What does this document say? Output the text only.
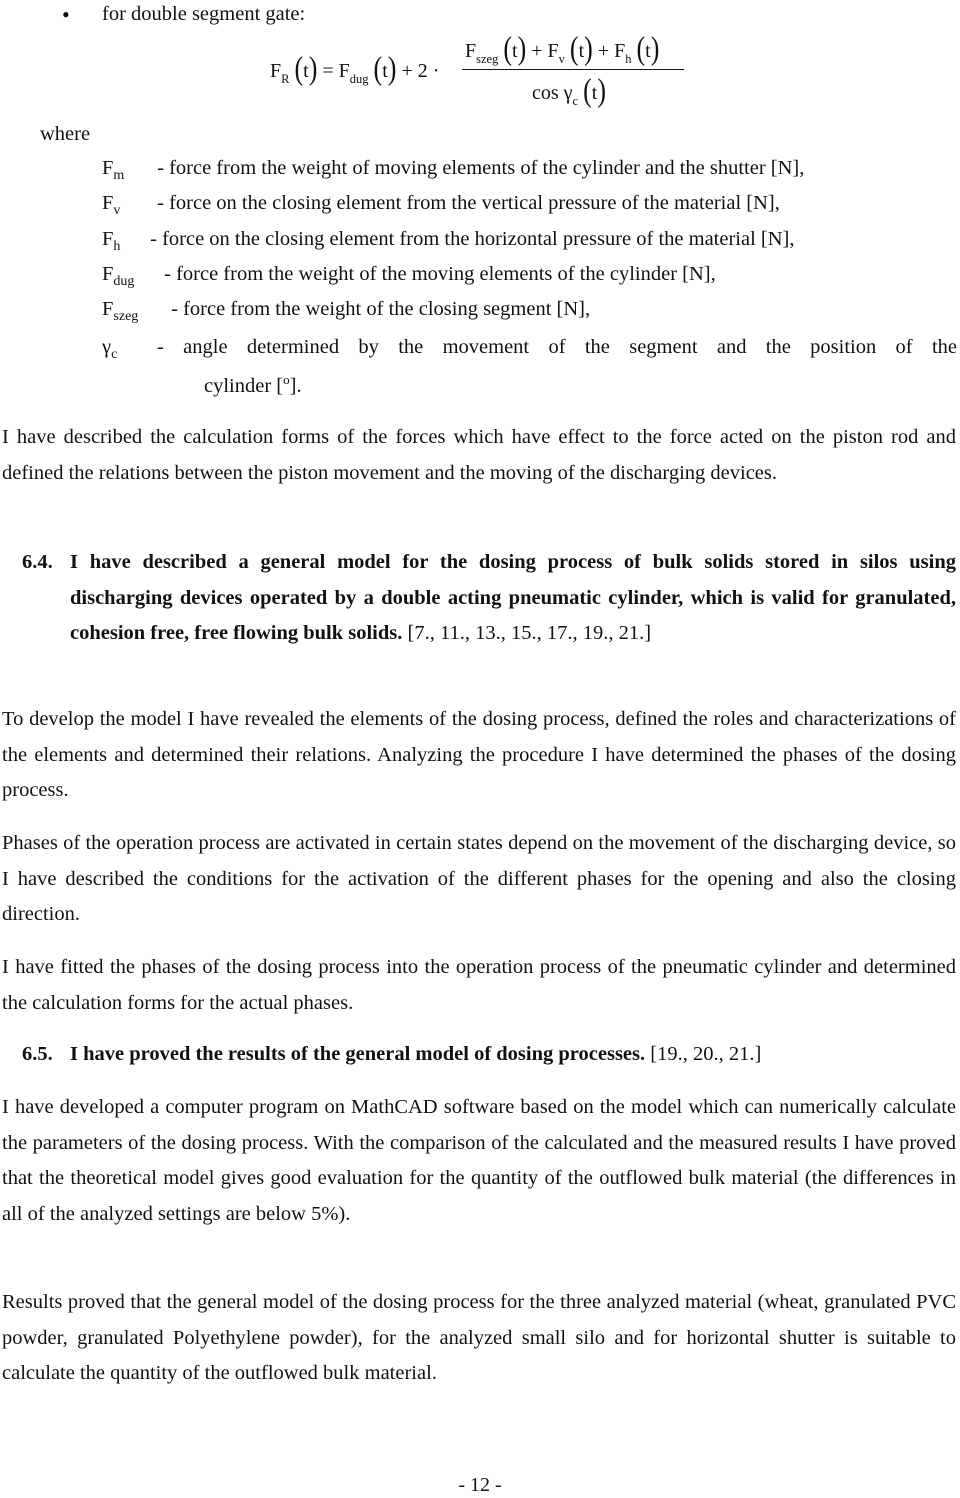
• for double segment gate:
$F_R$ $(t) = F_{dug}$ (t) + 2 ·
$F_{szeg}$ $(t) + F_v$ $(t) + F_h$ (t)
$\cos \gamma_c$ (t)
where
$F_m$ - force from the weight of moving elements of the cylinder and the shutter [N],
$F_v$ - force on the closing element from the vertical pressure of the material [N],
$F_h$ - force on the closing element from the horizontal pressure of the material [N],
$F_{dug}$ - force from the weight of the moving elements of the cylinder [N],
$F_{szeg}$ - force from the weight of the closing segment [N],
$\gamma_c$	- angle determined by the movement of the segment and the position of the
cylinder [$^o$].

I have described the calculation forms of the forces which have effect to the force acted on the piston rod and defined the relations between the piston movement and the moving of the discharging devices.

6.4. I have described a general model for the dosing process of bulk solids stored in silos using discharging devices operated by a double acting pneumatic cylinder, which is valid for granulated, cohesion free, free flowing bulk solids. [7., 11., 13., 15., 17., 19., 21.]

To develop the model I have revealed the elements of the dosing process, defined the roles and characterizations of the elements and determined their relations. Analyzing the procedure I have determined the phases of the dosing process.

Phases of the operation process are activated in certain states depend on the movement of the discharging device, so I have described the conditions for the activation of the different phases for the opening and also the closing direction.

I have fitted the phases of the dosing process into the operation process of the pneumatic cylinder and determined the calculation forms for the actual phases.

6.5. I have proved the results of the general model of dosing processes. [19., 20., 21.]

I have developed a computer program on MathCAD software based on the model which can numerically calculate the parameters of the dosing process. With the comparison of the calculated and the measured results I have proved that the theoretical model gives good evaluation for the quantity of the outflowed bulk material (the differences in all of the analyzed settings are below 5%).

Results proved that the general model of the dosing process for the three analyzed material (wheat, granulated PVC powder, granulated Polyethylene powder), for the analyzed small silo and for horizontal shutter is suitable to calculate the quantity of the outflowed bulk material.

- 12 -
